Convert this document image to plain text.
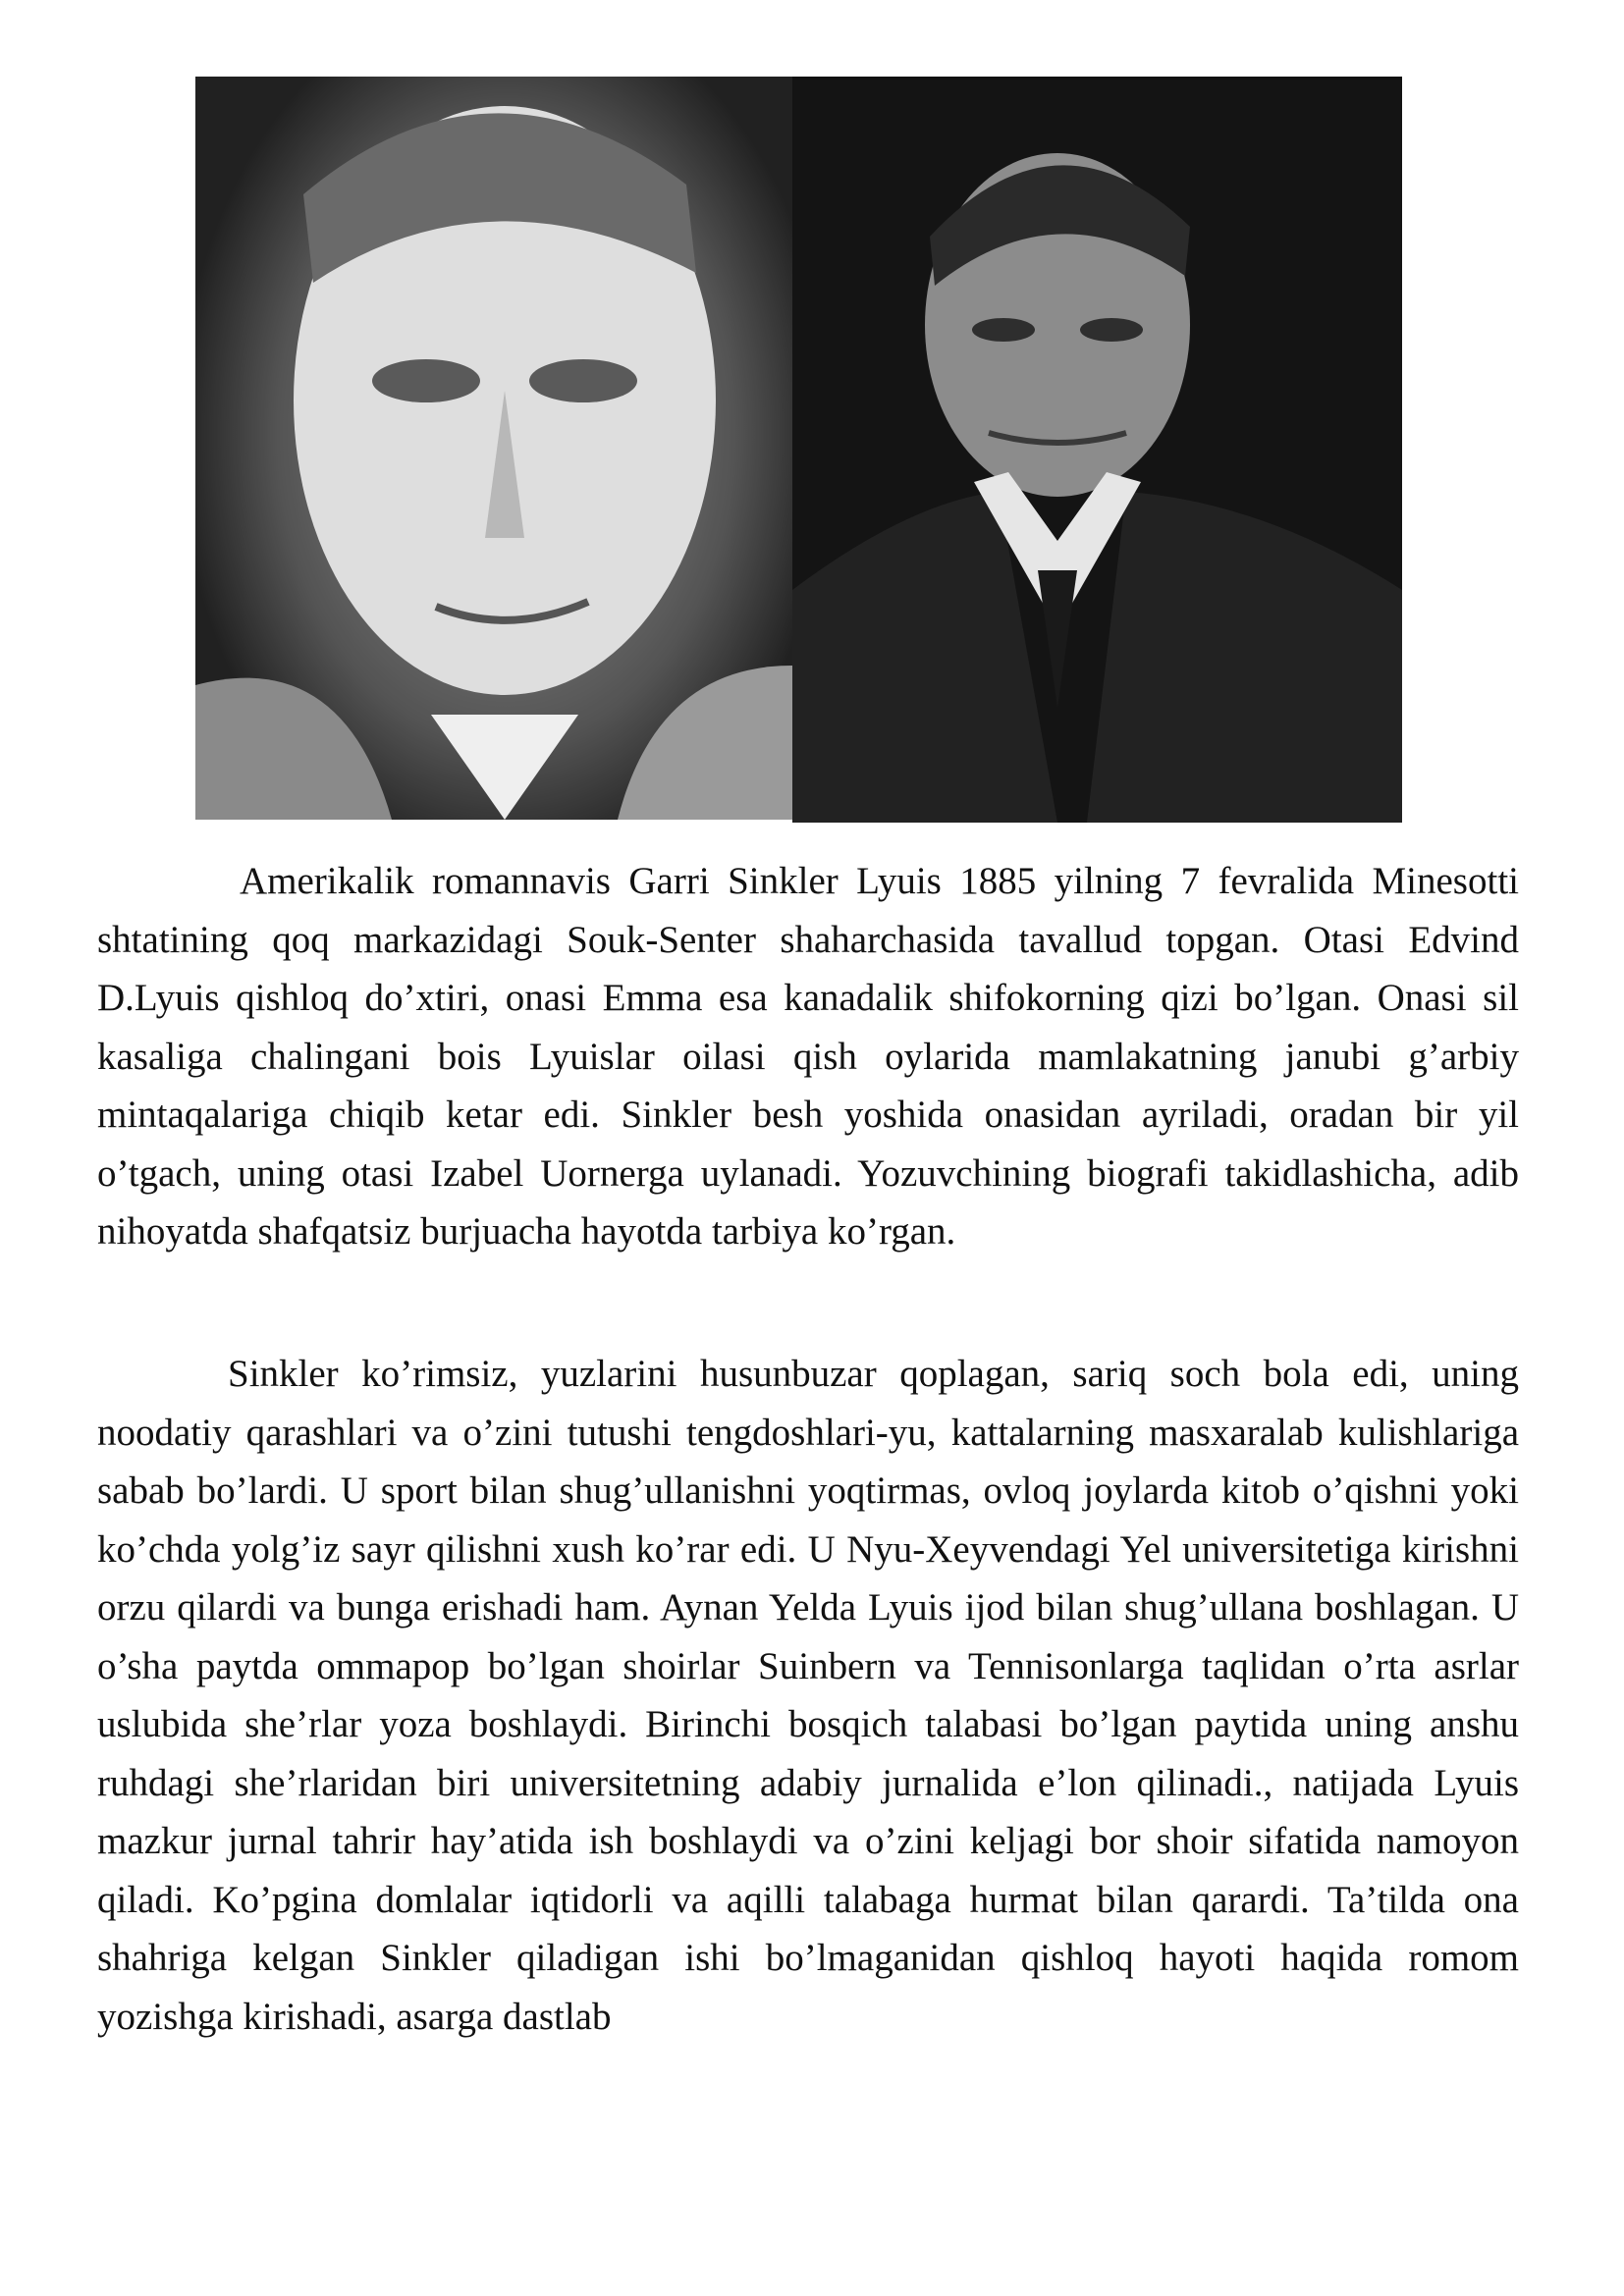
Amerikalik romannavis Garri Sinkler Lyuis 1885 yilning 7 fevralida Minesotti shtatining qoq markazidagi Souk-Senter shaharchasida tavallud topgan. Otasi Edvind D.Lyuis qishloq do’xtiri, onasi Emma esa kanadalik shifokorning qizi bo’lgan. Onasi sil kasaliga chalingani bois Lyuislar oilasi qish oylarida mamlakatning janubi g’arbiy mintaqalariga chiqib ketar edi. Sinkler besh yoshida onasidan ayriladi, oradan bir yil o’tgach, uning otasi Izabel Uornerga uylanadi. Yozuvchining biografi takidlashicha, adib nihoyatda shafqatsiz burjuacha hayotda tarbiya ko’rgan.

Sinkler ko’rimsiz, yuzlarini husunbuzar qoplagan, sariq soch bola edi, uning noodatiy qarashlari va o’zini tutushi tengdoshlari-yu, kattalarning masxaralab kulishlariga sabab bo’lardi. U sport bilan shug’ullanishni yoqtirmas, ovloq joylarda kitob o’qishni yoki ko’chda yolg’iz sayr qilishni xush ko’rar edi. U Nyu-Xeyvendagi Yel universitetiga kirishni orzu qilardi va bunga erishadi ham. Aynan Yelda Lyuis ijod bilan shug’ullana boshlagan. U o’sha paytda ommapop bo’lgan shoirlar Suinbern va Tennisonlarga taqlidan o’rta asrlar uslubida she’rlar yoza boshlaydi. Birinchi bosqich talabasi bo’lgan paytida uning anshu ruhdagi she’rlaridan biri universitetning adabiy jurnalida e’lon qilinadi., natijada Lyuis mazkur jurnal tahrir hay’atida ish boshlaydi va o’zini keljagi bor shoir sifatida namoyon qiladi. Ko’pgina domlalar iqtidorli va aqilli talabaga hurmat bilan qarardi. Ta’tilda ona shahriga kelgan Sinkler qiladigan ishi bo’lmaganidan qishloq hayoti haqida romom yozishga kirishadi, asarga dastlab
